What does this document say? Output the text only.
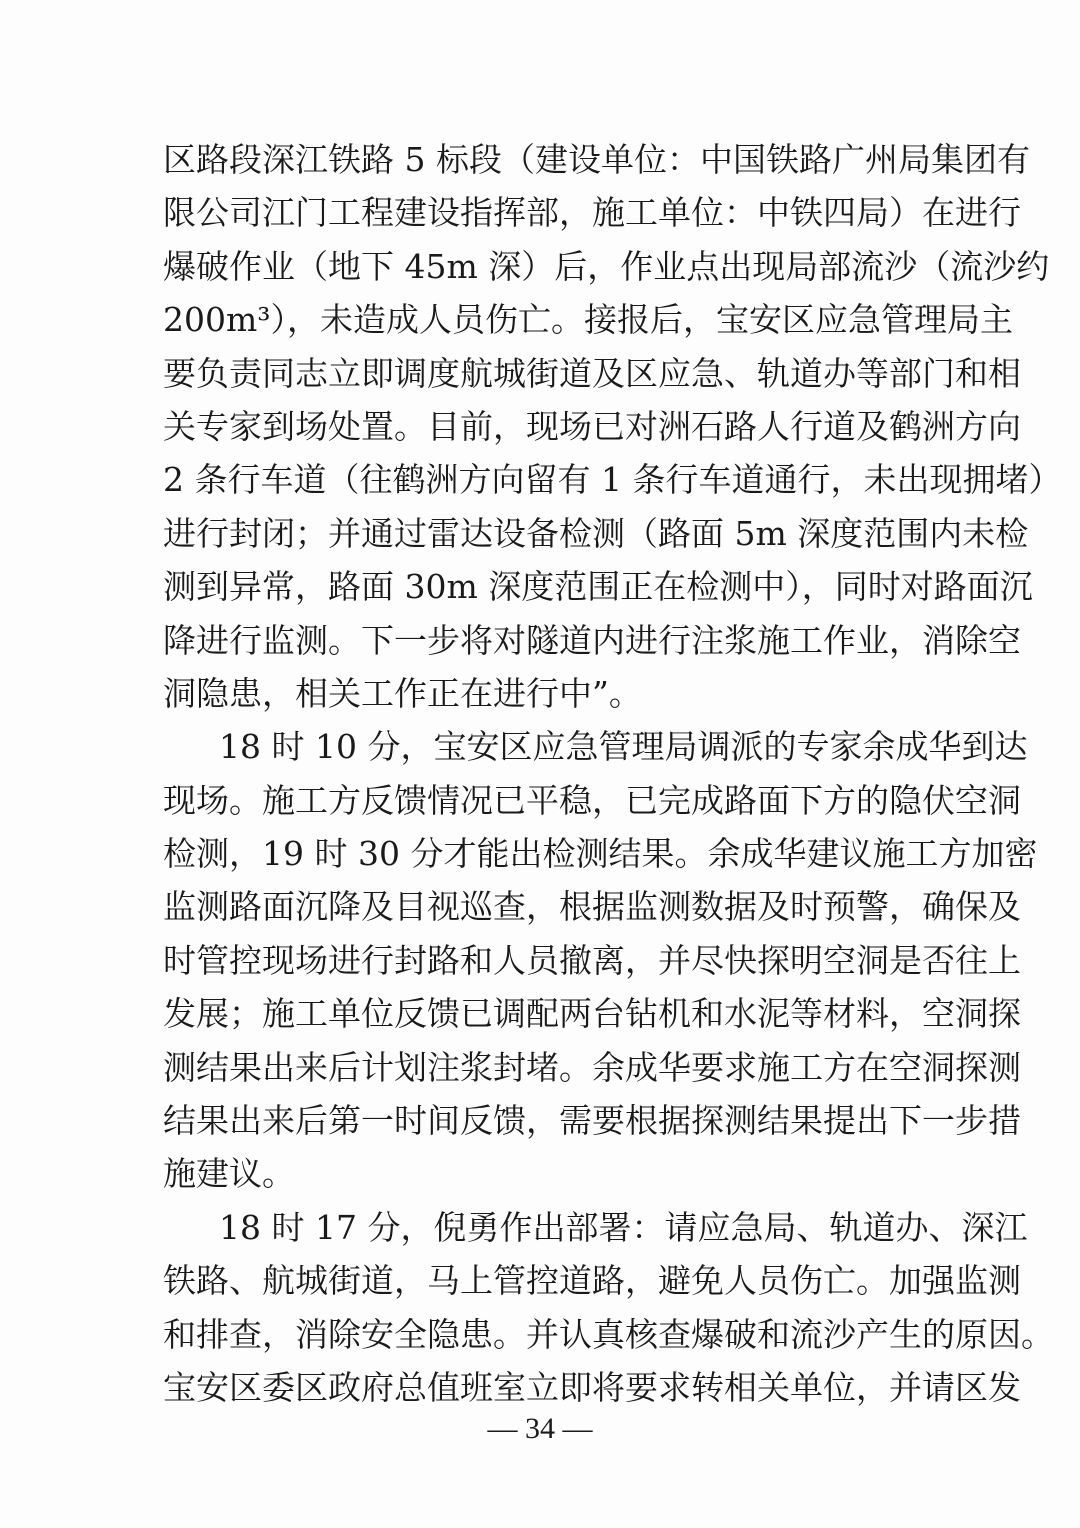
区路段深江铁路 5 标段（建设单位：中国铁路广州局集团有
限公司江门工程建设指挥部，施工单位：中铁四局）在进行
爆破作业（地下 45m 深）后，作业点出现局部流沙（流沙约
200m³），未造成人员伤亡。接报后，宝安区应急管理局主
要负责同志立即调度航城街道及区应急、轨道办等部门和相
关专家到场处置。目前，现场已对洲石路人行道及鹤洲方向
2 条行车道（往鹤洲方向留有 1 条行车道通行，未出现拥堵）
进行封闭；并通过雷达设备检测（路面 5m 深度范围内未检
测到异常，路面 30m 深度范围正在检测中），同时对路面沉
降进行监测。下一步将对隧道内进行注浆施工作业，消除空
洞隐患，相关工作正在进行中”。
18 时 10 分，宝安区应急管理局调派的专家余成华到达
现场。施工方反馈情况已平稳，已完成路面下方的隐伏空洞
检测，19 时 30 分才能出检测结果。余成华建议施工方加密
监测路面沉降及目视巡查，根据监测数据及时预警，确保及
时管控现场进行封路和人员撤离，并尽快探明空洞是否往上
发展；施工单位反馈已调配两台钻机和水泥等材料，空洞探
测结果出来后计划注浆封堵。余成华要求施工方在空洞探测
结果出来后第一时间反馈，需要根据探测结果提出下一步措
施建议。
18 时 17 分，倪勇作出部署：请应急局、轨道办、深江
铁路、航城街道，马上管控道路，避免人员伤亡。加强监测
和排查，消除安全隐患。并认真核查爆破和流沙产生的原因。
宝安区委区政府总值班室立即将要求转相关单位，并请区发
— 34 —
